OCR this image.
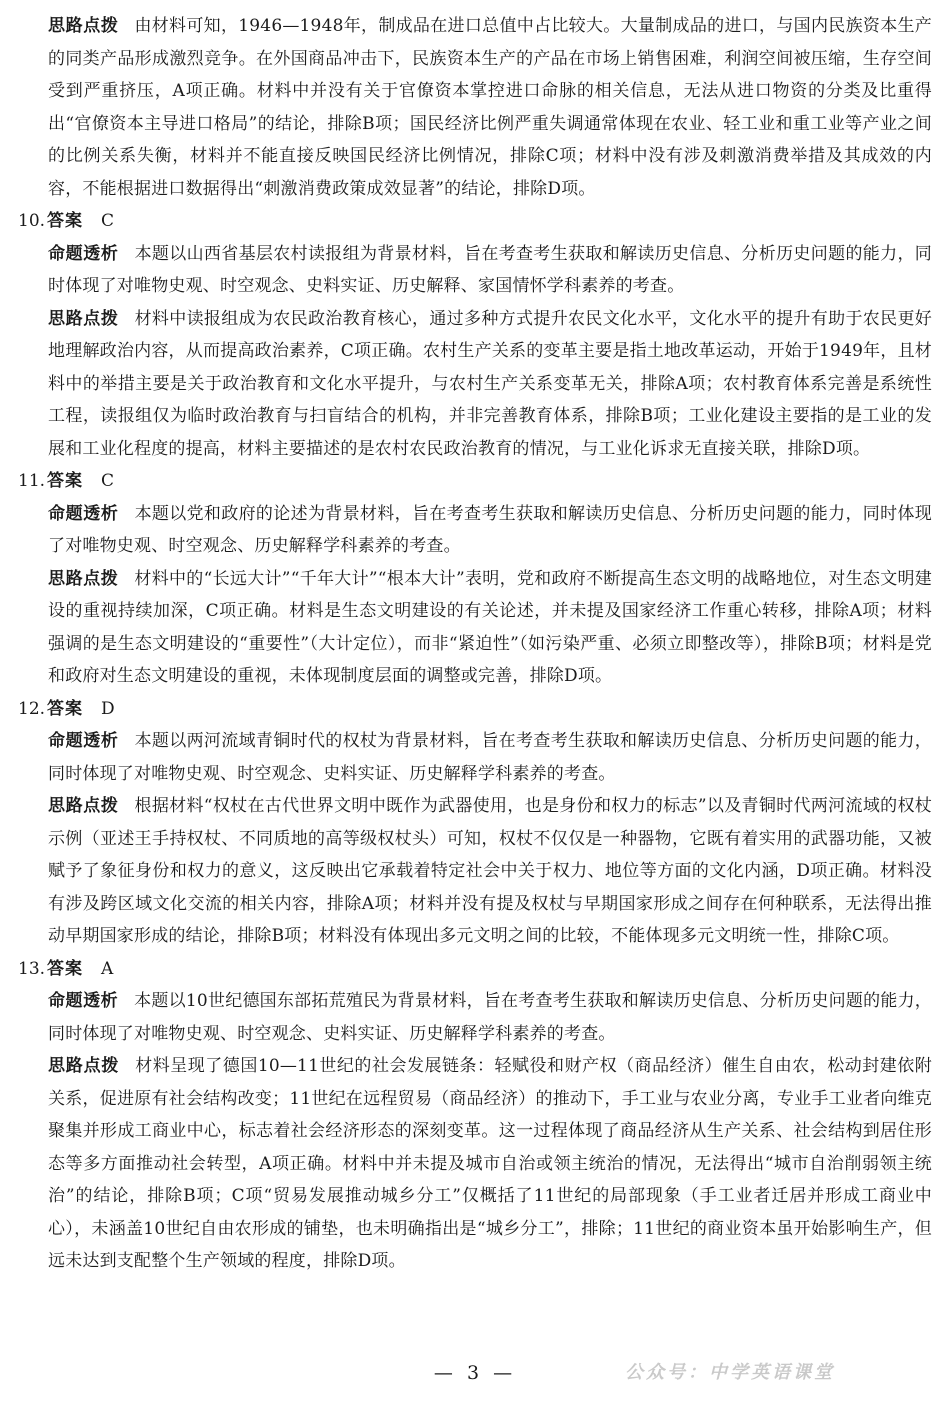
思路点拨 由材料可知，1946—1948年，制成品在进口总值中占比较大。大量制成品的进口，与国内民族资本生产的同类产品形成激烈竞争。在外国商品冲击下，民族资本生产的产品在市场上销售困难，利润空间被压缩，生存空间受到严重挤压，A项正确。材料中并没有关于官僚资本掌控进口命脉的相关信息，无法从进口物资的分类及比重得出“官僚资本主导进口格局”的结论，排除B项；国民经济比例严重失调通常体现在农业、轻工业和重工业等产业之间的比例关系失衡，材料并不能直接反映国民经济比例情况，排除C项；材料中没有涉及刺激消费举措及其成效的内容，不能根据进口数据得出“刺激消费政策成效显著”的结论，排除D项。

10. 答案 C

命题透析 本题以山西省基层农村读报组为背景材料，旨在考查考生获取和解读历史信息、分析历史问题的能力，同时体现了对唯物史观、时空观念、史料实证、历史解释、家国情怀学科素养的考查。

思路点拨 材料中读报组成为农民政治教育核心，通过多种方式提升农民文化水平，文化水平的提升有助于农民更好地理解政治内容，从而提高政治素养，C项正确。农村生产关系的变革主要是指土地改革运动，开始于1949年，且材料中的举措主要是关于政治教育和文化水平提升，与农村生产关系变革无关，排除A项；农村教育体系完善是系统性工程，读报组仅为临时政治教育与扫盲结合的机构，并非完善教育体系，排除B项；工业化建设主要指的是工业的发展和工业化程度的提高，材料主要描述的是农村农民政治教育的情况，与工业化诉求无直接关联，排除D项。

11. 答案 C

命题透析 本题以党和政府的论述为背景材料，旨在考查考生获取和解读历史信息、分析历史问题的能力，同时体现了对唯物史观、时空观念、历史解释学科素养的考查。

思路点拨 材料中的“长远大计”“千年大计”“根本大计”表明，党和政府不断提高生态文明的战略地位，对生态文明建设的重视持续加深，C项正确。材料是生态文明建设的有关论述，并未提及国家经济工作重心转移，排除A项；材料强调的是生态文明建设的“重要性”（大计定位），而非“紧迫性”（如污染严重、必须立即整改等），排除B项；材料是党和政府对生态文明建设的重视，未体现制度层面的调整或完善，排除D项。

12. 答案 D

命题透析 本题以两河流域青铜时代的权杖为背景材料，旨在考查考生获取和解读历史信息、分析历史问题的能力，同时体现了对唯物史观、时空观念、史料实证、历史解释学科素养的考查。

思路点拨 根据材料“权杖在古代世界文明中既作为武器使用，也是身份和权力的标志”以及青铜时代两河流域的权杖示例（亚述王手持权杖、不同质地的高等级权杖头）可知，权杖不仅仅是一种器物，它既有着实用的武器功能，又被赋予了象征身份和权力的意义，这反映出它承载着特定社会中关于权力、地位等方面的文化内涵，D项正确。材料没有涉及跨区域文化交流的相关内容，排除A项；材料并没有提及权杖与早期国家形成之间存在何种联系，无法得出推动早期国家形成的结论，排除B项；材料没有体现出多元文明之间的比较，不能体现多元文明统一性，排除C项。

13. 答案 A

命题透析 本题以10世纪德国东部拓荒殖民为背景材料，旨在考查考生获取和解读历史信息、分析历史问题的能力，同时体现了对唯物史观、时空观念、史料实证、历史解释学科素养的考查。

思路点拨 材料呈现了德国10—11世纪的社会发展链条：轻赋役和财产权（商品经济）催生自由农，松动封建依附关系，促进原有社会结构改变；11世纪在远程贸易（商品经济）的推动下，手工业与农业分离，专业手工业者向维克聚集并形成工商业中心，标志着社会经济形态的深刻变革。这一过程体现了商品经济从生产关系、社会结构到居住形态等多方面推动社会转型，A项正确。材料中并未提及城市自治或领主统治的情况，无法得出“城市自治削弱领主统治”的结论，排除B项；C项“贸易发展推动城乡分工”仅概括了11世纪的局部现象（手工业者迁居并形成工商业中心），未涵盖10世纪自由农形成的铺垫，也未明确指出是“城乡分工”，排除；11世纪的商业资本虽开始影响生产，但远未达到支配整个生产领域的程度，排除D项。

— 3 —	公众号：中学英语课堂
